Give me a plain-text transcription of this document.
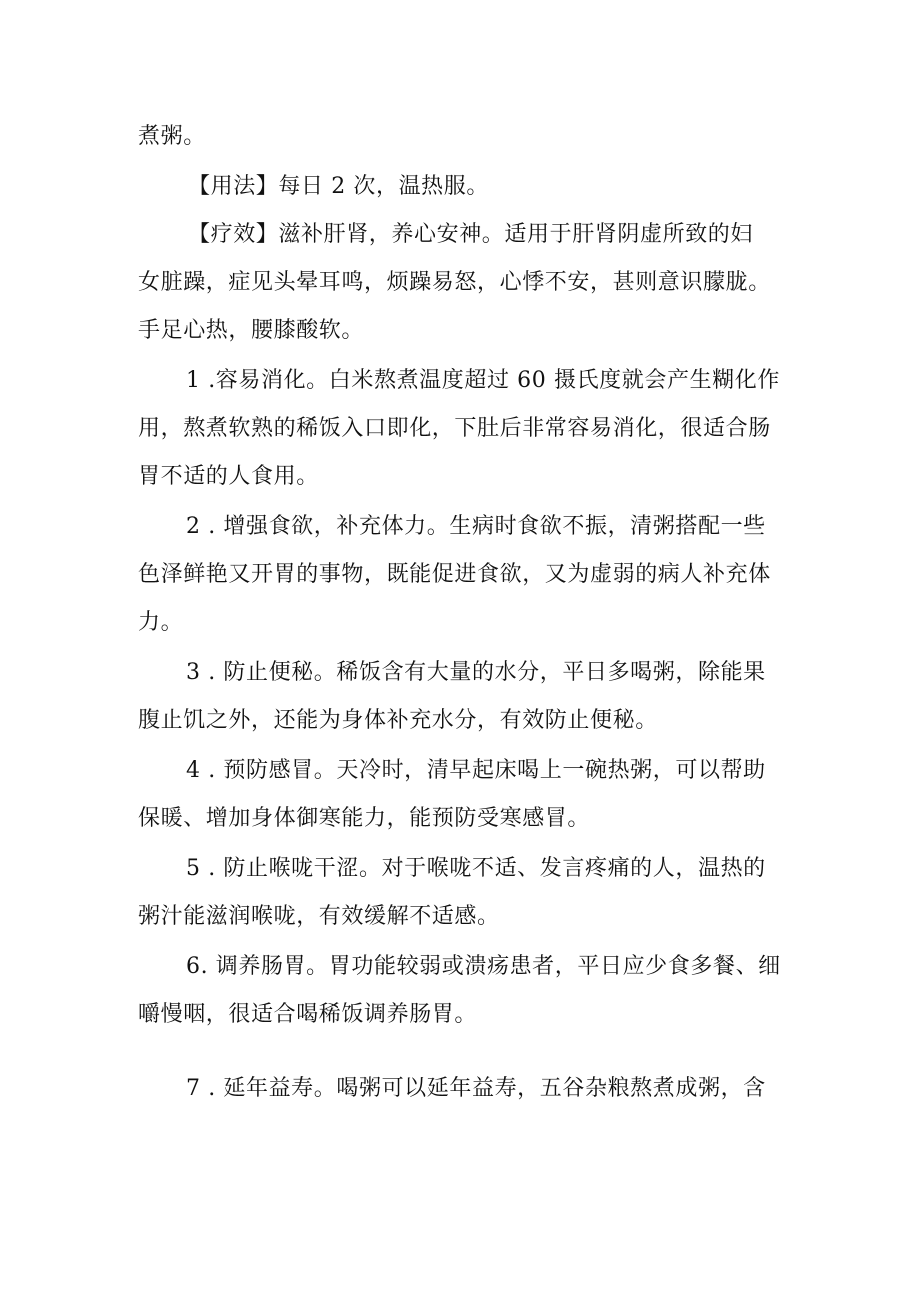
煮粥。
【用法】每日 2 次，温热服。
【疗效】滋补肝肾，养心安神。适用于肝肾阴虚所致的妇
女脏躁，症见头晕耳鸣，烦躁易怒，心悸不安，甚则意识朦胧。
手足心热，腰膝酸软。
1 .容易消化。白米熬煮温度超过 60 摄氏度就会产生糊化作
用，熬煮软熟的稀饭入口即化，下肚后非常容易消化，很适合肠
胃不适的人食用。
2 . 增强食欲，补充体力。生病时食欲不振，清粥搭配一些
色泽鲜艳又开胃的事物，既能促进食欲，又为虚弱的病人补充体
力。
3 . 防止便秘。稀饭含有大量的水分，平日多喝粥，除能果
腹止饥之外，还能为身体补充水分，有效防止便秘。
4 . 预防感冒。天冷时，清早起床喝上一碗热粥，可以帮助
保暖、增加身体御寒能力，能预防受寒感冒。
5 . 防止喉咙干涩。对于喉咙不适、发言疼痛的人，温热的
粥汁能滋润喉咙，有效缓解不适感。
6. 调养肠胃。胃功能较弱或溃疡患者，平日应少食多餐、细
嚼慢咽，很适合喝稀饭调养肠胃。
7 . 延年益寿。喝粥可以延年益寿，五谷杂粮熬煮成粥，含
